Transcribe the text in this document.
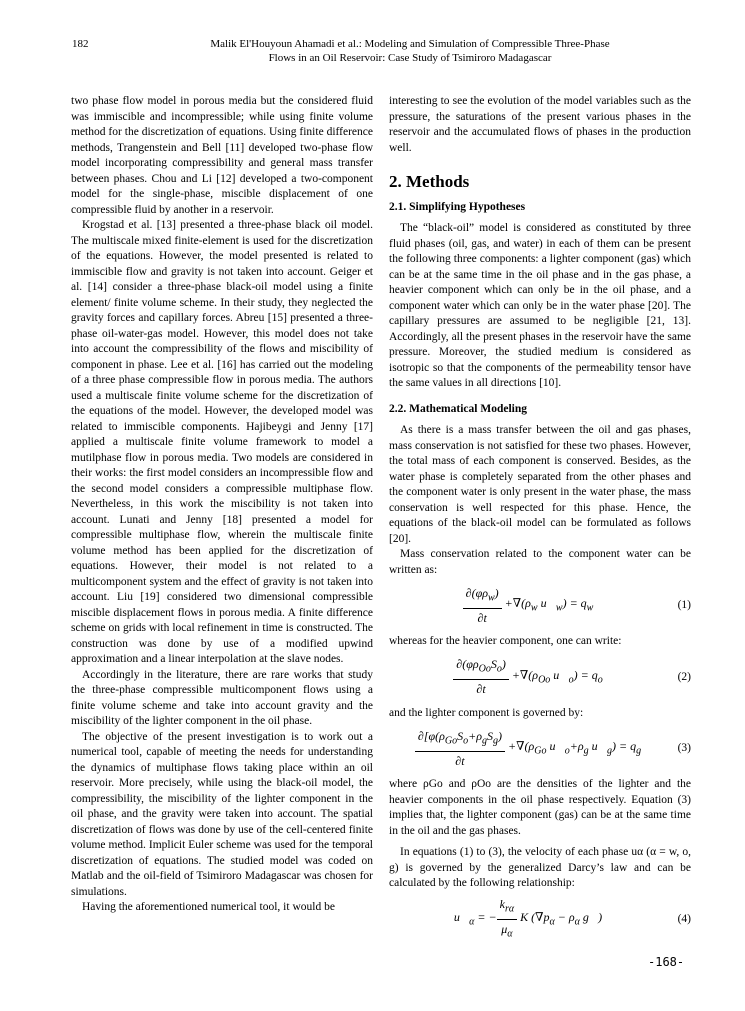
182	Malik El'Houyoun Ahamadi et al.: Modeling and Simulation of Compressible Three-Phase
Flows in an Oil Reservoir: Case Study of Tsimiroro Madagascar

two phase flow model in porous media but the considered fluid was immiscible and incompressible; while using finite volume method for the discretization of equations. Using finite difference methods, Trangenstein and Bell [11] developed two-phase flow model incorporating compressibility and general mass transfer between phases. Chou and Li [12] developed a two-component model for the single-phase, miscible displacement of one compressible fluid by another in a reservoir.

Krogstad et al. [13] presented a three-phase black oil model. The multiscale mixed finite-element is used for the discretization of the equations. However, the model presented is related to immiscible flow and gravity is not taken into account. Geiger et al. [14] consider a three-phase black-oil model using a finite element/ finite volume scheme. In their study, they neglected the gravity forces and capillary forces. Abreu [15] presented a three-phase oil-water-gas model. However, this model does not take into account the compressibility of the flows and miscibility of component in phase. Lee et al. [16] has carried out the modeling of a three phase compressible flow in porous media. The authors used a multiscale finite volume scheme for the discretization of the equations of the model. However, the developed model was related to immiscible components. Hajibeygi and Jenny [17] applied a multiscale finite volume framework to model a mutilphase flow in porous media. Two models are considered in their works: the first model considers an incompressible flow and the second model considers a compressible multiphase flow. Nevertheless, in this work the miscibility is not taken into account. Lunati and Jenny [18] presented a model for compressible multiphase flow, wherein the multiscale finite volume method has been applied for the discretization of equations. However, their model is not related to a multicomponent system and the effect of gravity is not taken into account. Liu [19] considered two dimensional compressible miscible displacement flows in porous media. A finite difference scheme on grids with local refinement in time is constructed. The construction was done by use of a modified upwind approximation and a linear interpolation at the slave nodes.

Accordingly in the literature, there are rare works that study the three-phase compressible multicomponent flows using a finite volume scheme and take into account gravity and the miscibility of the lighter component in the oil phase.

The objective of the present investigation is to work out a numerical tool, capable of meeting the needs for understanding the dynamics of multiphase flows taking place within an oil reservoir. More precisely, while using the black-oil model, the compressibility, the miscibility of the lighter component in the oil phase, and the gravity were taken into account. The spatial discretization of flows was done by use of the cell-centered finite volume method. Implicit Euler scheme was used for the temporal discretization of equations. The studied model was coded on Matlab and the oil-field of Tsimiroro Madagascar was chosen for simulations.

Having the aforementioned numerical tool, it would be

interesting to see the evolution of the model variables such as the pressure, the saturations of the present various phases in the reservoir and the accumulated flows of phases in the production well.

2. Methods
2.1. Simplifying Hypotheses

The “black-oil” model is considered as constituted by three fluid phases (oil, gas, and water) in each of them can be present the following three components: a lighter component (gas) which can be at the same time in the oil phase and in the gas phase, a heavier component which can only be in the oil phase, and a component water which can only be in the water phase [20]. The capillary pressures are assumed to be negligible [21, 13]. Accordingly, all the present phases in the reservoir have the same pressure. Moreover, the studied medium is considered as isotropic so that the components of the permeability tensor have the same values in all directions [10].

2.2. Mathematical Modeling

As there is a mass transfer between the oil and gas phases, mass conservation is not satisfied for these two phases. However, the total mass of each component is conserved. Besides, as the water phase is completely separated from the other phases and the component water is only present in the water phase, the mass conservation is well respected for this phase. Hence, the equations of the black-oil model can be formulated as follows [20].

Mass conservation related to the component water can be written as:

$\frac{\partial(\varphi\rho_w)}{\partial t} +\nabla(\rho_w$ $u⃗_w) = q_w$	(1)

whereas for the heavier component, one can write:

$\frac{\partial(\varphi\rho_{Oo}S_o)}{\partial t} +\nabla(\rho_{Oo}$ $u⃗_o) = q_o$	(2)

and the lighter component is governed by:

$\frac{\partial[\varphi(\rho_{Go}S_o+\rho_gS_g)}{\partial t} +\nabla(\rho_{Go}$ $u⃗_o+\rho_g$ $u⃗_g) = q_g$	(3)

where ρGo and ρOo are the densities of the lighter and the heavier components in the oil phase respectively. Equation (3) implies that, the lighter component (gas) can be at the same time in the oil and the gas phases.

In equations (1) to (3), the velocity of each phase uα (α = w, o, g) is governed by the generalized Darcy’s law and can be calculated by the following relationship:

$u⃗_\alpha$ = − $\frac{k_{r\alpha}}{\mu_\alpha}$ K ($\nabla p_\alpha - \rho_\alpha$ g⃗)	(4)
-168-
